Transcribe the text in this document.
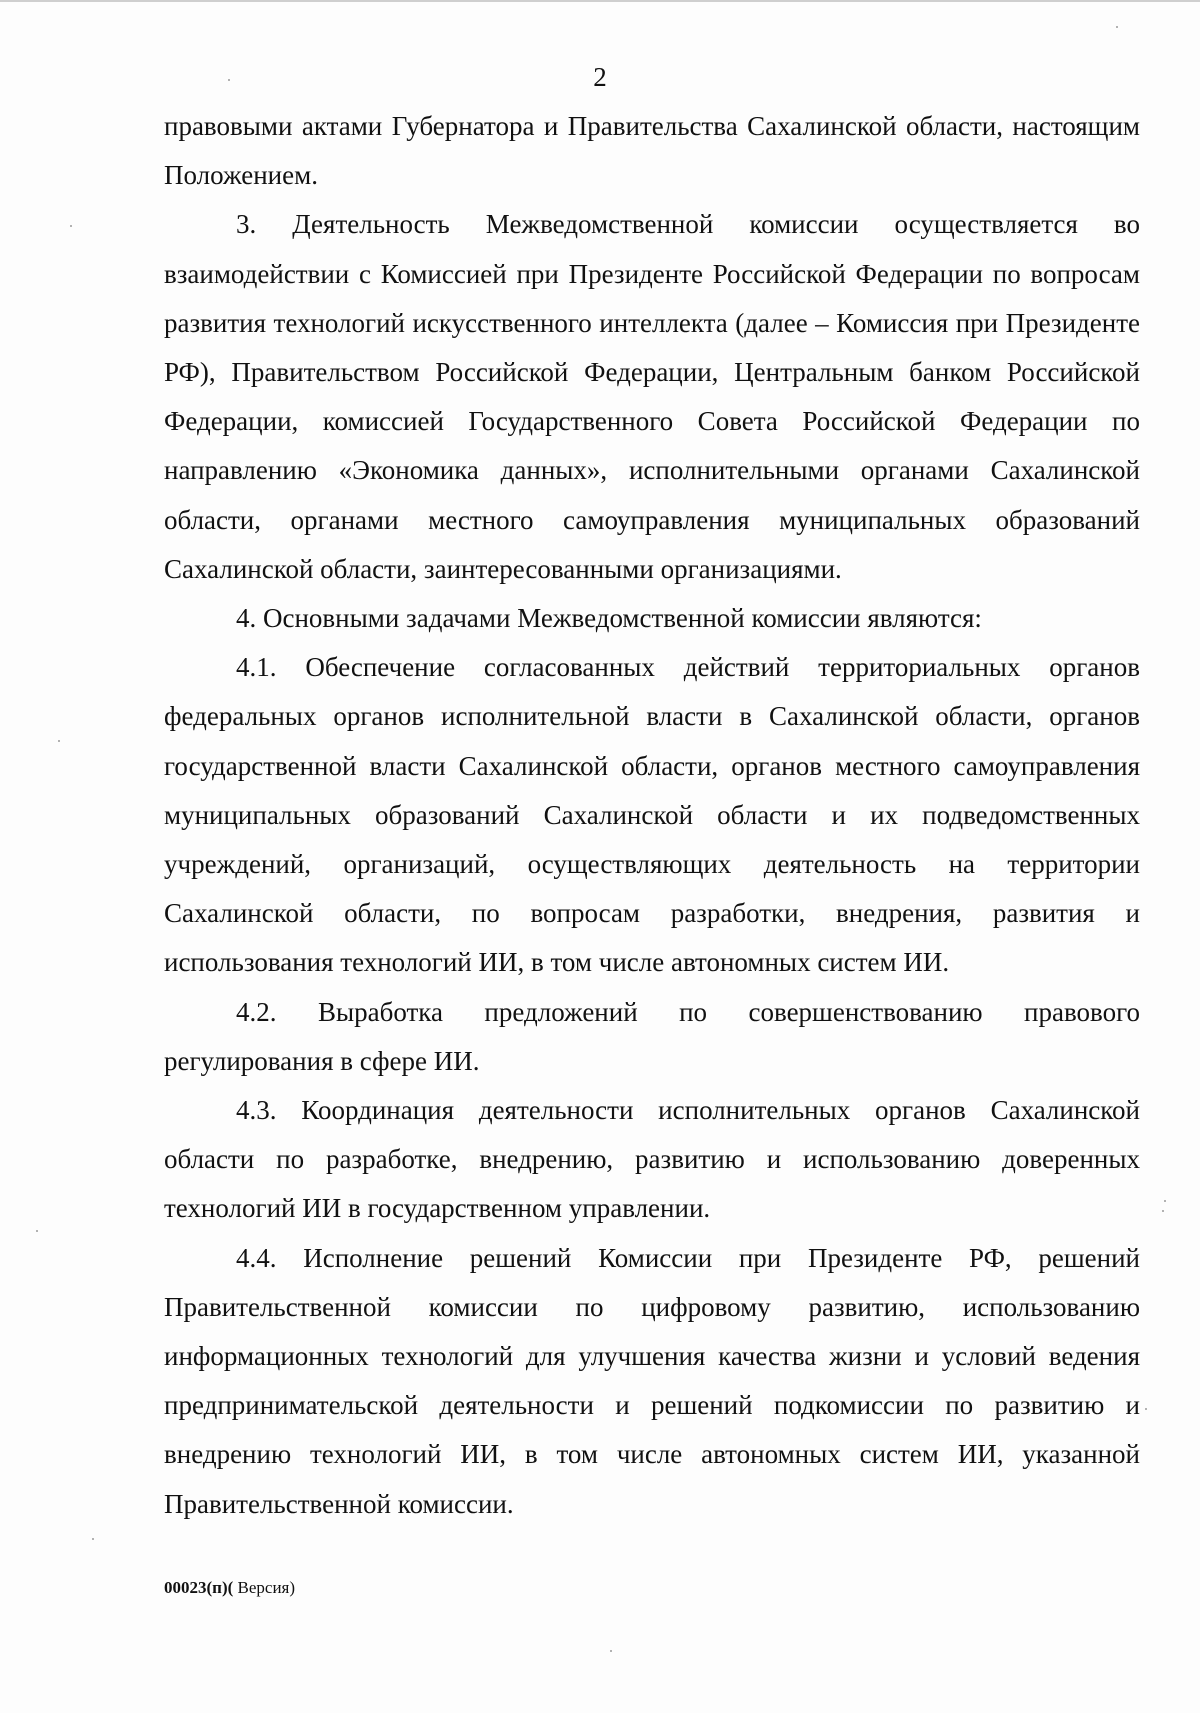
2

правовыми актами Губернатора и Правительства Сахалинской области, настоящим Положением.

3. Деятельность Межведомственной комиссии осуществляется во взаимодействии с Комиссией при Президенте Российской Федерации по вопросам развития технологий искусственного интеллекта (далее – Комиссия при Президенте РФ), Правительством Российской Федерации, Центральным банком Российской Федерации, комиссией Государственного Совета Российской Федерации по направлению «Экономика данных», исполнительными органами Сахалинской области, органами местного самоуправления муниципальных образований Сахалинской области, заинтересованными организациями.

4. Основными задачами Межведомственной комиссии являются:

4.1. Обеспечение согласованных действий территориальных органов федеральных органов исполнительной власти в Сахалинской области, органов государственной власти Сахалинской области, органов местного самоуправления муниципальных образований Сахалинской области и их подведомственных учреждений, организаций, осуществляющих деятельность на территории Сахалинской области, по вопросам разработки, внедрения, развития и использования технологий ИИ, в том числе автономных систем ИИ.

4.2. Выработка предложений по совершенствованию правового регулирования в сфере ИИ.

4.3. Координация деятельности исполнительных органов Сахалинской области по разработке, внедрению, развитию и использованию доверенных технологий ИИ в государственном управлении.

4.4. Исполнение решений Комиссии при Президенте РФ, решений Правительственной комиссии по цифровому развитию, использованию информационных технологий для улучшения качества жизни и условий ведения предпринимательской деятельности и решений подкомиссии по развитию и внедрению технологий ИИ, в том числе автономных систем ИИ, указанной Правительственной комиссии.

00023(п)( Версия)
